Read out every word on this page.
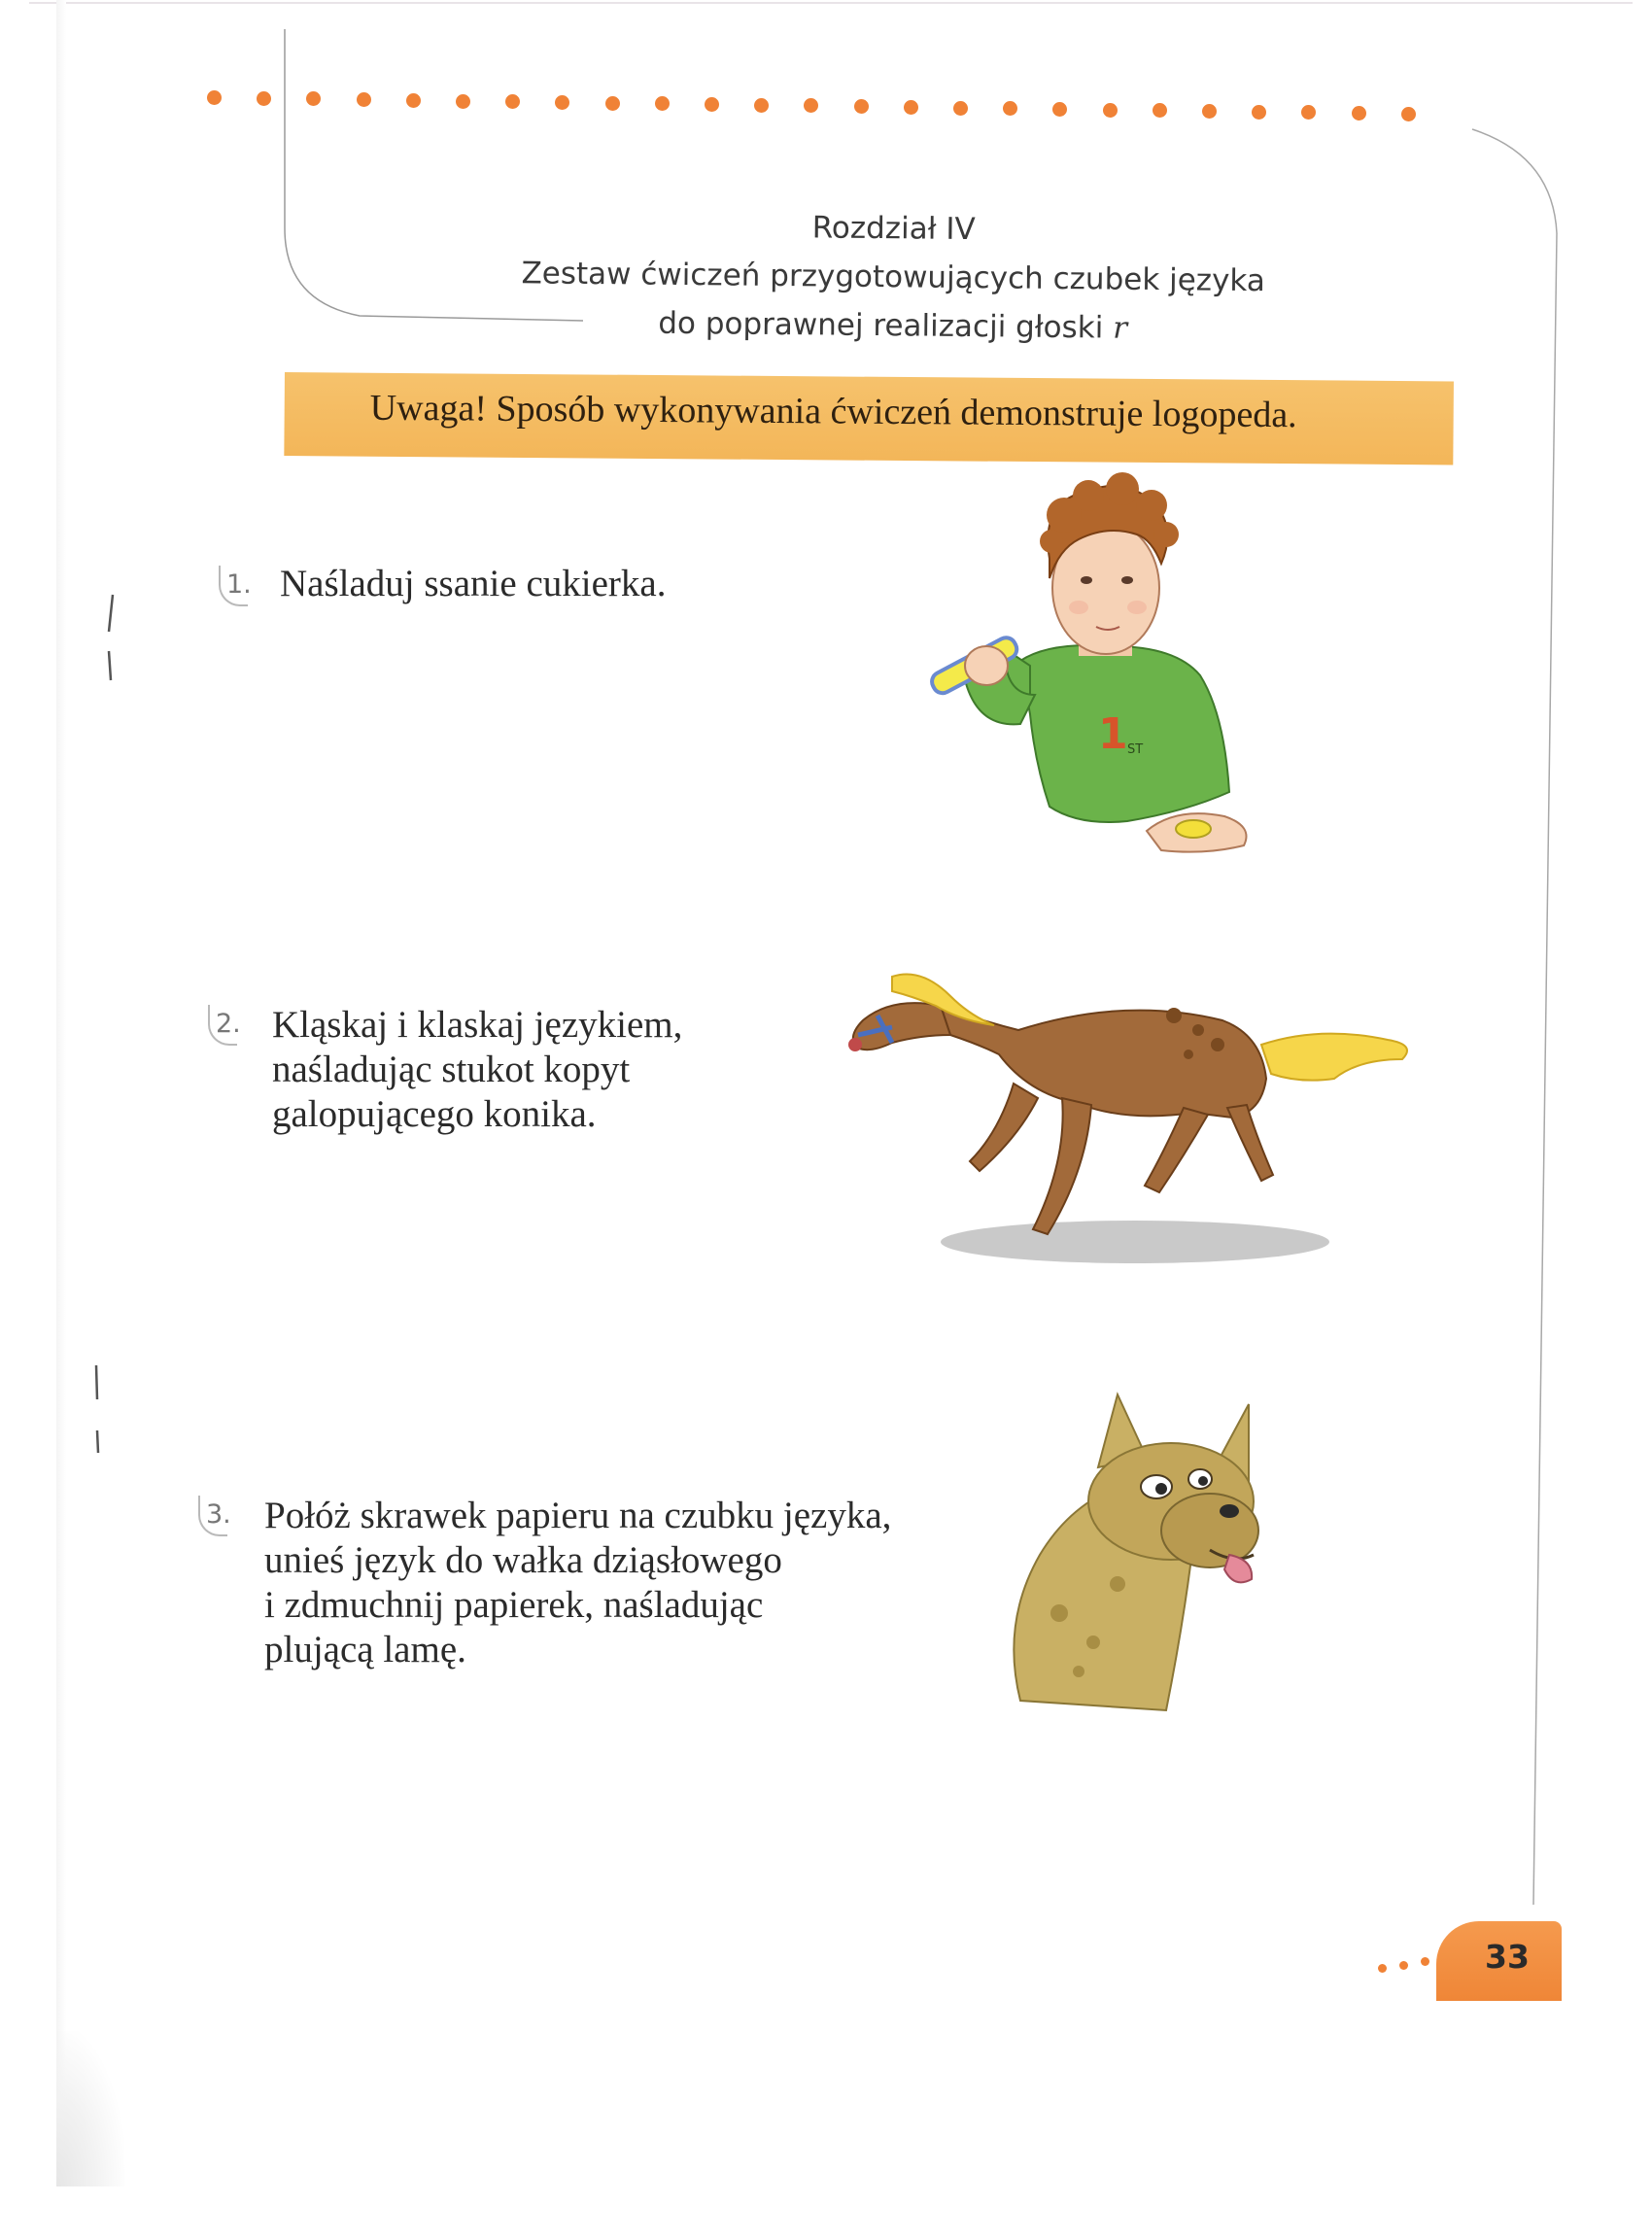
Rozdział IV
Zestaw ćwiczeń przygotowujących czubek języka
do poprawnej realizacji głoski r
Uwaga! Sposób wykonywania ćwiczeń demonstruje logopeda.
1. Naśladuj ssanie cukierka.
2. Kląskaj i klaskaj językiem,
naśladując stukot kopyt
galopującego konika.
3. Połóż skrawek papieru na czubku języka,
unieś język do wałka dziąsłowego
i zdmuchnij papierek, naśladując
plującą lamę.
1 ST
33
